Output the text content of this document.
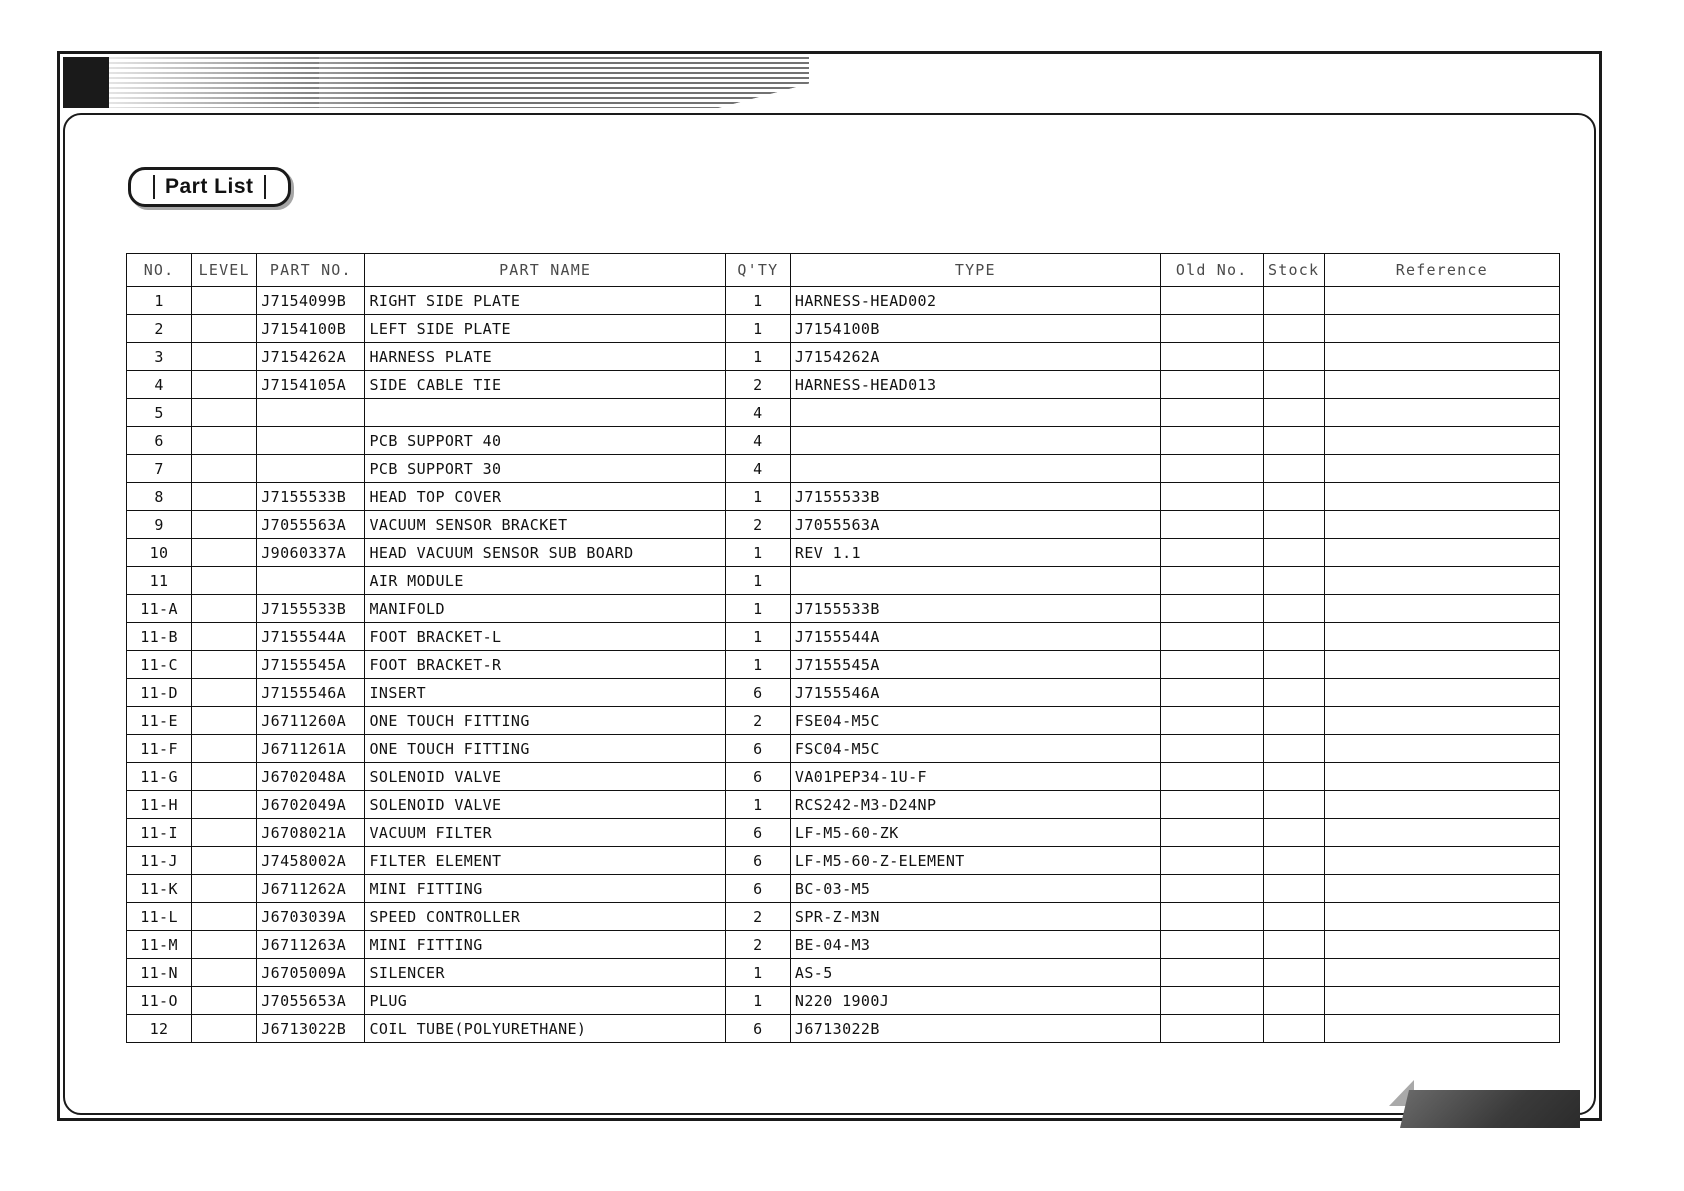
Part List
NO.	LEVEL	PART NO.	PART NAME	Q'TY	TYPE	Old No.	Stock	Reference
1		J7154099B	RIGHT SIDE PLATE	1	HARNESS-HEAD002			
2		J7154100B	LEFT SIDE PLATE	1	J7154100B			
3		J7154262A	HARNESS PLATE	1	J7154262A			
4		J7154105A	SIDE CABLE TIE	2	HARNESS-HEAD013			
5				4				
6			PCB SUPPORT 40	4				
7			PCB SUPPORT 30	4				
8		J7155533B	HEAD TOP COVER	1	J7155533B			
9		J7055563A	VACUUM SENSOR BRACKET	2	J7055563A			
10		J9060337A	HEAD VACUUM SENSOR SUB BOARD	1	REV 1.1			
11			AIR MODULE	1				
11-A		J7155533B	MANIFOLD	1	J7155533B			
11-B		J7155544A	FOOT BRACKET-L	1	J7155544A			
11-C		J7155545A	FOOT BRACKET-R	1	J7155545A			
11-D		J7155546A	INSERT	6	J7155546A			
11-E		J6711260A	ONE TOUCH FITTING	2	FSE04-M5C			
11-F		J6711261A	ONE TOUCH FITTING	6	FSC04-M5C			
11-G		J6702048A	SOLENOID VALVE	6	VA01PEP34-1U-F			
11-H		J6702049A	SOLENOID VALVE	1	RCS242-M3-D24NP			
11-I		J6708021A	VACUUM FILTER	6	LF-M5-60-ZK			
11-J		J7458002A	FILTER ELEMENT	6	LF-M5-60-Z-ELEMENT			
11-K		J6711262A	MINI FITTING	6	BC-03-M5			
11-L		J6703039A	SPEED CONTROLLER	2	SPR-Z-M3N			
11-M		J6711263A	MINI FITTING	2	BE-04-M3			
11-N		J6705009A	SILENCER	1	AS-5			
11-O		J7055653A	PLUG	1	N220 1900J			
12		J6713022B	COIL TUBE(POLYURETHANE)	6	J6713022B			
